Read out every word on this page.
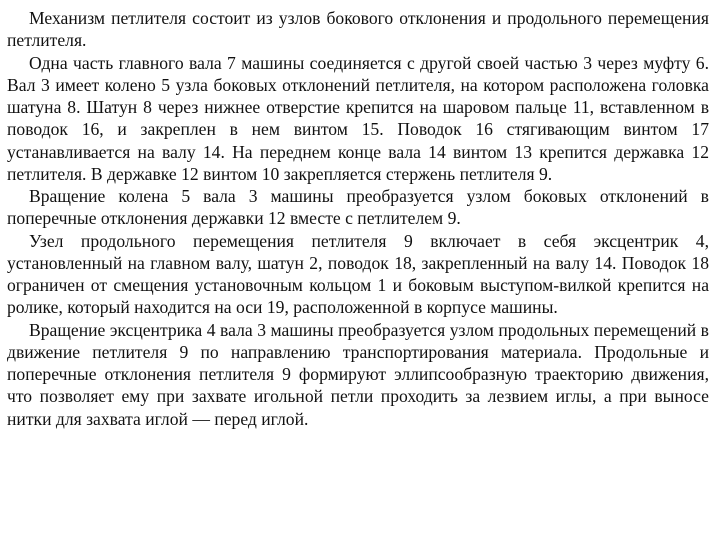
Механизм петлителя состоит из узлов бокового отклонения и продольного перемещения петлителя.

Одна часть главного вала 7 машины соединяется с другой своей частью 3 через муфту 6. Вал 3 имеет колено 5 узла боковых отклонений петлителя, на котором расположена головка шатуна 8. Шатун 8 через нижнее отверстие крепится на шаровом пальце 11, вставленном в поводок 16, и закреплен в нем винтом 15. Поводок 16 стягивающим винтом 17 устанавливается на валу 14. На переднем конце вала 14 винтом 13 крепится державка 12 петлителя. В державке 12 винтом 10 закрепляется стержень петлителя 9.

Вращение колена 5 вала 3 машины преобразуется узлом боковых отклонений в поперечные отклонения державки 12 вместе с петлителем 9.

Узел продольного перемещения петлителя 9 включает в себя эксцентрик 4, установленный на главном валу, шатун 2, поводок 18, закрепленный на валу 14. Поводок 18 ограничен от смещения установочным кольцом 1 и боковым выступом-вилкой крепится на ролике, который находится на оси 19, расположенной в корпусе машины.

Вращение эксцентрика 4 вала 3 машины преобразуется узлом продольных перемещений в движение петлителя 9 по направлению транспортирования материала. Продольные и поперечные отклонения петлителя 9 формируют эллипсообразную траекторию движения, что позволяет ему при захвате игольной петли проходить за лезвием иглы, а при выносе нитки для захвата иглой — перед иглой.
